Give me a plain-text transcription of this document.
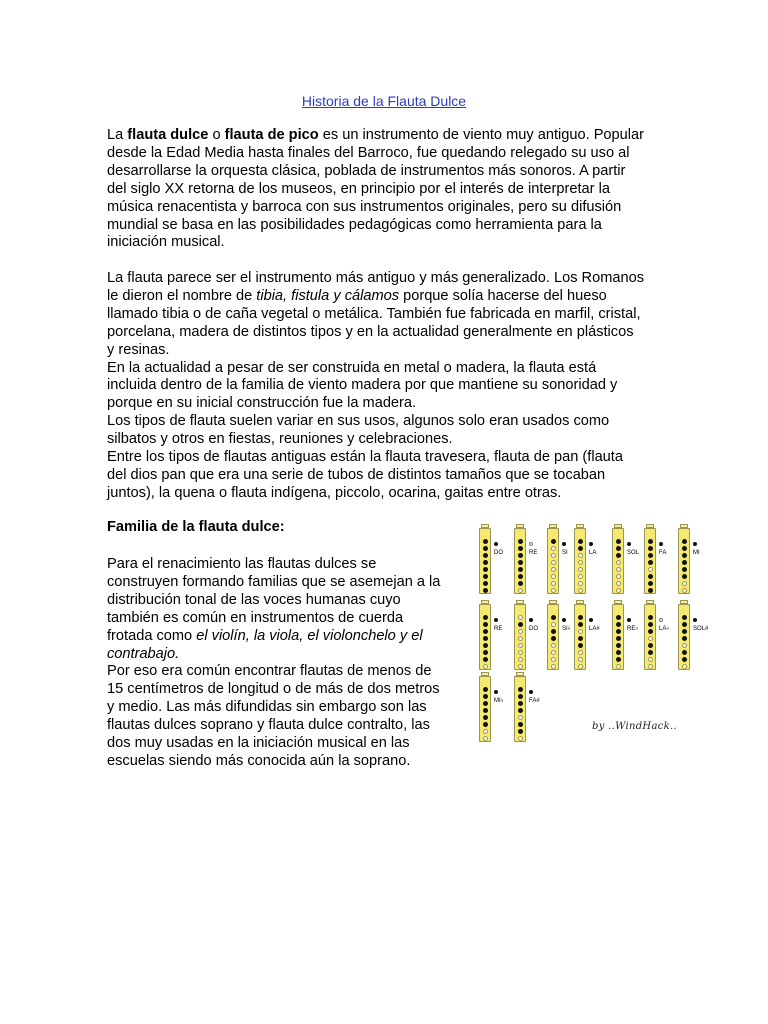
Historia de la Flauta Dulce
La flauta dulce o flauta de pico es un instrumento de viento muy antiguo. Popular
desde la Edad Media hasta finales del Barroco, fue quedando relegado su uso al
desarrollarse la orquesta clásica, poblada de instrumentos más sonoros. A partir
del siglo XX retorna de los museos, en principio por el interés de interpretar la
música renacentista y barroca con sus instrumentos originales, pero su difusión
mundial se basa en las posibilidades pedagógicas como herramienta para la
iniciación musical.
La flauta parece ser el instrumento más antiguo y más generalizado. Los Romanos
le dieron el nombre de tibia, fistula y cálamos porque solía hacerse del hueso
llamado tibia o de caña vegetal o metálica. También fue fabricada en marfil, cristal,
porcelana, madera de distintos tipos y en la actualidad generalmente en plásticos
y resinas.
En la actualidad a pesar de ser construida en metal o madera, la flauta está
incluida dentro de la familia de viento madera por que mantiene su sonoridad y
porque en su inicial construcción fue la madera.
Los tipos de flauta suelen variar en sus usos, algunos solo eran usados como
silbatos y otros en fiestas, reuniones y celebraciones.
Entre los tipos de flautas antiguas están la flauta travesera, flauta de pan (flauta
del dios pan que era una serie de tubos de distintos tamaños que se tocaban
juntos), la quena o flauta indígena, piccolo, ocarina, gaitas entre otras.
Familia de la flauta dulce:
Para el renacimiento las flautas dulces se
construyen formando familias que se asemejan a la
distribución tonal de las voces humanas cuyo
también es común en instrumentos de cuerda
frotada como el violín, la viola, el violonchelo y el
contrabajo.
Por eso era común encontrar flautas de menos de
15 centímetros de longitud o de más de dos metros
y medio. Las más difundidas sin embargo son las
flautas dulces soprano y flauta dulce contralto, las
dos muy usadas en la iniciación musical en las
escuelas siendo más conocida aún la soprano.
DO	RE	SI	LA	SOL	FA	MI
RE	DO	SI♭	LA#	RE♭	LA♭	SOL#
MI♭	FA#
by ..WindHack..
